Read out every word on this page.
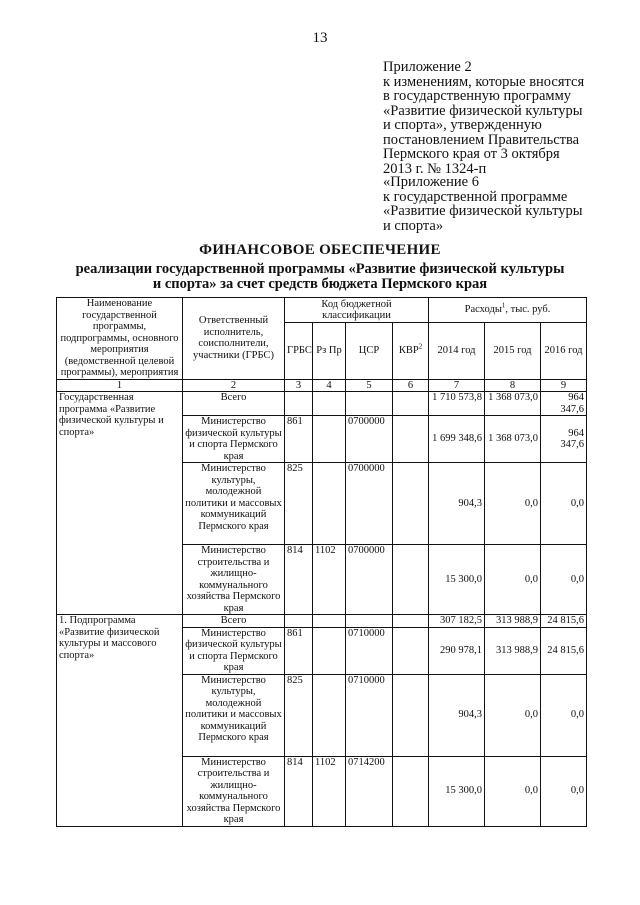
13
Приложение 2
к изменениям, которые вносятся
в государственную программу
«Развитие физической культуры
и спорта», утвержденную
постановлением Правительства
Пермского края от 3 октября
2013 г. № 1324-п
«Приложение 6
к государственной программе
«Развитие физической культуры
и спорта»
ФИНАНСОВОЕ ОБЕСПЕЧЕНИЕ
реализации государственной программы «Развитие физической культуры
и спорта» за счет средств бюджета Пермского края
Наименование государственной программы, подпрограммы, основного мероприятия (ведомственной целевой программы), мероприятия	Ответственный исполнитель, соисполнители, участники (ГРБС)	Код бюджетной классификации				Расходы$^1$, тыс. руб.		
		ГРБС	Рз Пр	ЦСР	КВР$^2$	2014 год	2015 год	2016 год
1	2	3	4	5	6	7	8	9
Государственная программа «Развитие физической культуры и спорта»	Всего					1 710 573,8	1 368 073,0	964 347,6
	Министерство физической культуры и спорта Пермского края	861		0700000		1 699 348,6	1 368 073,0	964 347,6
	Министерство культуры, молодежной политики и массовых коммуникаций Пермского края	825		0700000		904,3	0,0	0,0
	Министерство строительства и жилищно-коммунального хозяйства Пермского края	814	1102	0700000		15 300,0	0,0	0,0
1. Подпрограмма «Развитие физической культуры и массового спорта»	Всего					307 182,5	313 988,9	24 815,6
	Министерство физической культуры и спорта Пермского края	861		0710000		290 978,1	313 988,9	24 815,6
	Министерство культуры, молодежной политики и массовых коммуникаций Пермского края	825		0710000		904,3	0,0	0,0
	Министерство строительства и жилищно-коммунального хозяйства Пермского края	814	1102	0714200		15 300,0	0,0	0,0
